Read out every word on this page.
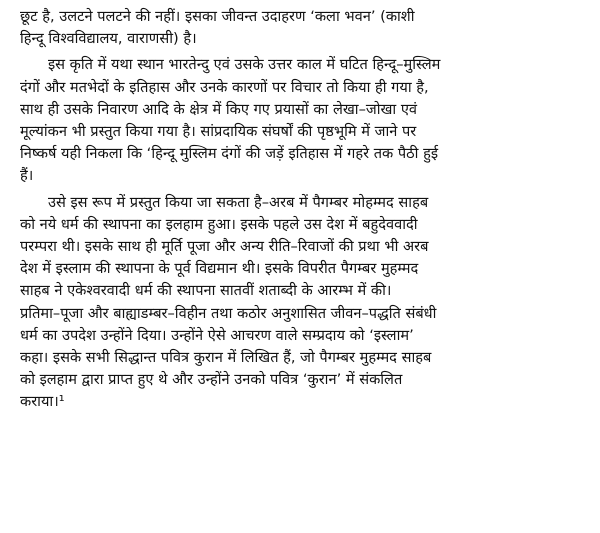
छूट है, उलटने पलटने की नहीं। इसका जीवन्त उदाहरण ‘कला भवन’ (काशी
हिन्दू विश्वविद्यालय, वाराणसी) है।

इस कृति में यथा स्थान भारतेन्दु एवं उसके उत्तर काल में घटित हिन्दू–मुस्लिम
दंगों और मतभेदों के इतिहास और उनके कारणों पर विचार तो किया ही गया है,
साथ ही उसके निवारण आदि के क्षेत्र में किए गए प्रयासों का लेखा–जोखा एवं
मूल्यांकन भी प्रस्तुत किया गया है। सांप्रदायिक संघर्षों की पृष्ठभूमि में जाने पर
निष्कर्ष यही निकला कि ‘हिन्दू मुस्लिम दंगों की जड़ें इतिहास में गहरे तक पैठी हुई
हैं।

उसे इस रूप में प्रस्तुत किया जा सकता है–अरब में पैगम्बर मोहम्मद साहब
को नये धर्म की स्थापना का इलहाम हुआ। इसके पहले उस देश में बहुदेववादी
परम्परा थी। इसके साथ ही मूर्ति पूजा और अन्य रीति–रिवाजों की प्रथा भी अरब
देश में इस्लाम की स्थापना के पूर्व विद्यमान थी। इसके विपरीत पैगम्बर मुहम्मद
साहब ने एकेश्वरवादी धर्म की स्थापना सातवीं शताब्दी के आरम्भ में की।
प्रतिमा–पूजा और बाह्याडम्बर–विहीन तथा कठोर अनुशासित जीवन–पद्धति संबंधी
धर्म का उपदेश उन्होंने दिया। उन्होंने ऐसे आचरण वाले सम्प्रदाय को ‘इस्लाम’
कहा। इसके सभी सिद्धान्त पवित्र कुरान में लिखित हैं, जो पैगम्बर मुहम्मद साहब
को इलहाम द्वारा प्राप्त हुए थे और उन्होंने उनको पवित्र ‘कुरान’ में संकलित
कराया।¹
